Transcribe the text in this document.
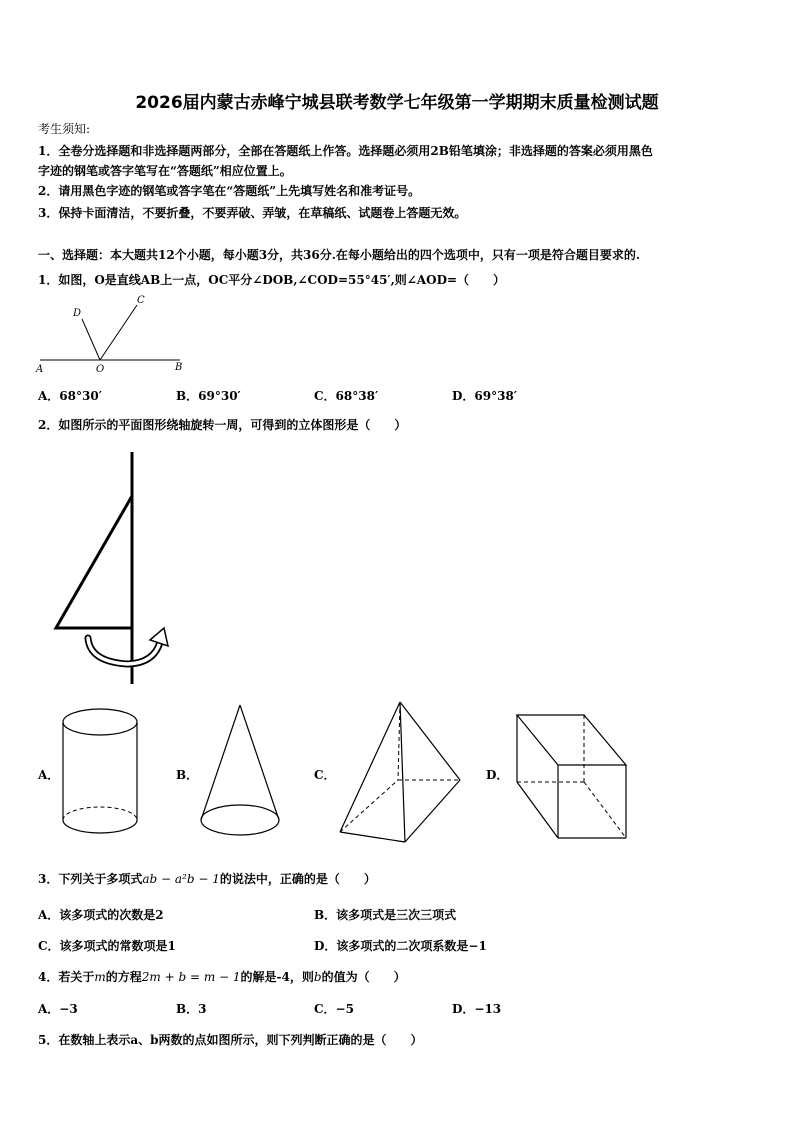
2026届内蒙古赤峰宁城县联考数学七年级第一学期期末质量检测试题
考生须知:
1．全卷分选择题和非选择题两部分，全部在答题纸上作答。选择题必须用2B铅笔填涂；非选择题的答案必须用黑色
字迹的钢笔或答字笔写在“答题纸”相应位置上。
2．请用黑色字迹的钢笔或答字笔在“答题纸”上先填写姓名和准考证号。
3．保持卡面清洁，不要折叠，不要弄破、弄皱，在草稿纸、试题卷上答题无效。
一、选择题：本大题共12个小题，每小题3分，共36分.在每小题给出的四个选项中，只有一项是符合题目要求的.
1．如图，O是直线AB上一点，OC平分∠DOB,∠COD=55°45′,则∠AOD=（　　）
A	O	B
C
D
A．68°30′	B．69°30′	C．68°38′	D．69°38′
2．如图所示的平面图形绕轴旋转一周，可得到的立体图形是（　　）
A．	B．	C．	D．
3．下列关于多项式ab − a²b − 1的说法中，正确的是（　　）
A．该多项式的次数是2	B．该多项式是三次三项式
C．该多项式的常数项是1	D．该多项式的二次项系数是−1
4．若关于m的方程2m + b = m − 1的解是-4，则b的值为（　　）
A．−3	B．3	C．−5	D．−13
5．在数轴上表示a、b两数的点如图所示，则下列判断正确的是（　　）
